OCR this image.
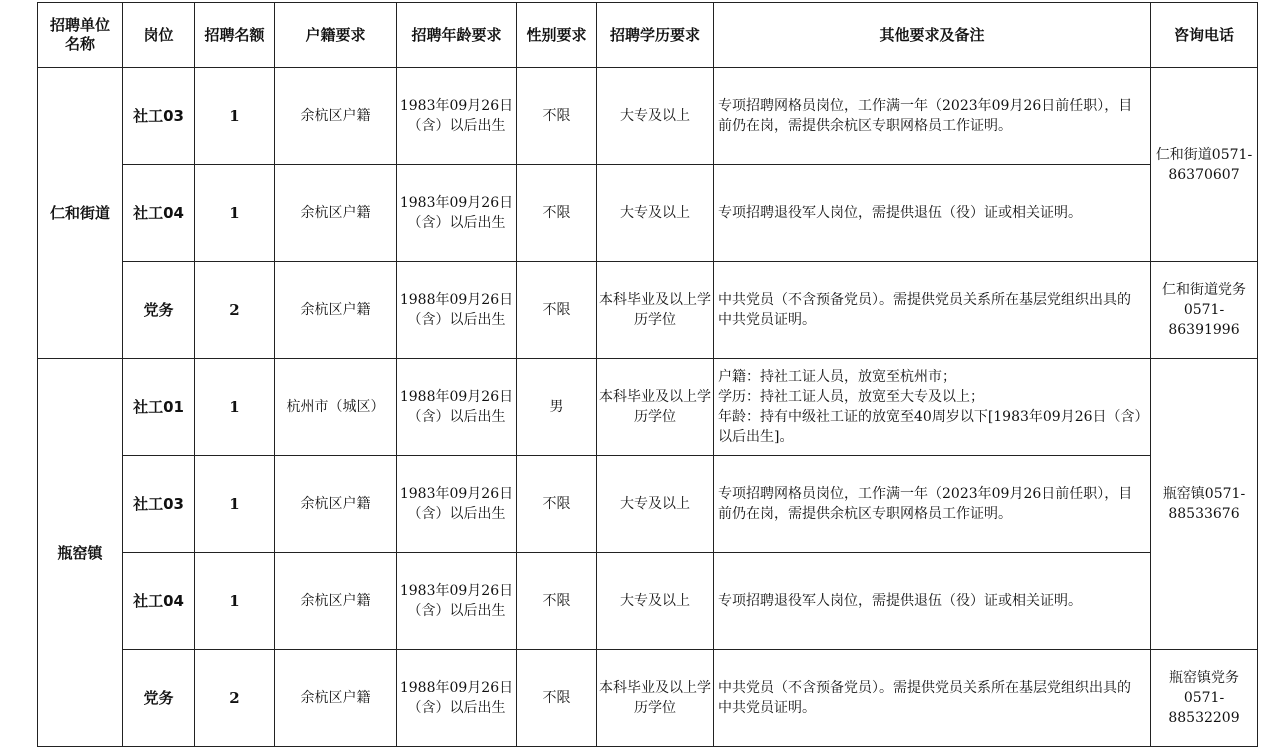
招聘单位名称	岗位	招聘名额	户籍要求	招聘年龄要求	性别要求	招聘学历要求	其他要求及备注	咨询电话
仁和街道	社工03	1	余杭区户籍	1983年09月26日（含）以后出生	不限	大专及以上	专项招聘网格员岗位，工作满一年（2023年09月26日前任职），目前仍在岗，需提供余杭区专职网格员工作证明。	仁和街道0571-86370607
	社工04	1	余杭区户籍	1983年09月26日（含）以后出生	不限	大专及以上	专项招聘退役军人岗位，需提供退伍（役）证或相关证明。	

	党务	2	余杭区户籍	1988年09月26日（含）以后出生	不限	本科毕业及以上学历学位	中共党员（不含预备党员）。需提供党员关系所在基层党组织出具的中共党员证明。	仁和街道党务0571-86391996
瓶窑镇	社工01	1	杭州市（城区）	1988年09月26日（含）以后出生	男	本科毕业及以上学历学位	户籍：持社工证人员，放宽至杭州市；
学历：持社工证人员，放宽至大专及以上；
年龄：持有中级社工证的放宽至40周岁以下[1983年09月26日（含）以后出生]。	瓶窑镇0571-88533676
	社工03	1	余杭区户籍	1983年09月26日（含）以后出生	不限	大专及以上	专项招聘网格员岗位，工作满一年（2023年09月26日前任职），目前仍在岗，需提供余杭区专职网格员工作证明。	

	社工04	1	余杭区户籍	1983年09月26日（含）以后出生	不限	大专及以上	专项招聘退役军人岗位，需提供退伍（役）证或相关证明。	

	党务	2	余杭区户籍	1988年09月26日（含）以后出生	不限	本科毕业及以上学历学位	中共党员（不含预备党员）。需提供党员关系所在基层党组织出具的中共党员证明。	瓶窑镇党务0571-88532209
